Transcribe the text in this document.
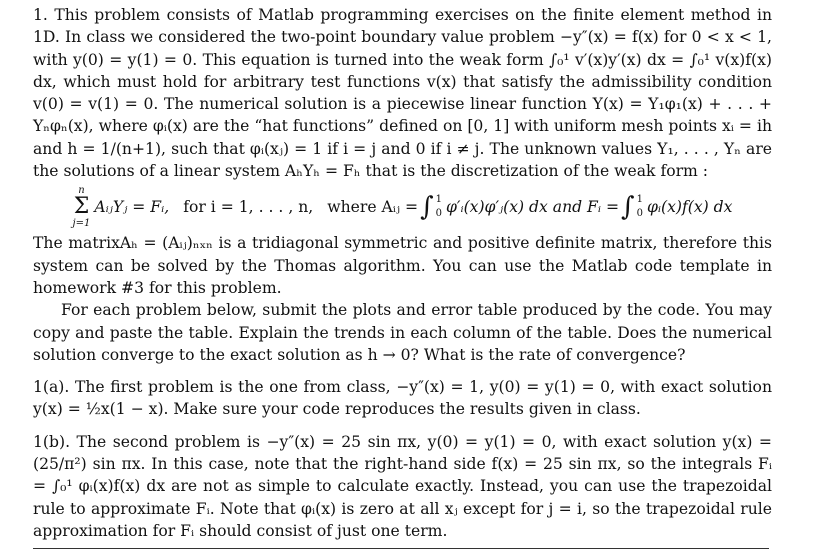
1. This problem consists of Matlab programming exercises on the finite element method in 1D. In class we considered the two-point boundary value problem −y″(x) = f(x) for 0 < x < 1, with y(0) = y(1) = 0. This equation is turned into the weak form ∫₀¹ v′(x)y′(x) dx = ∫₀¹ v(x)f(x) dx, which must hold for arbitrary test functions v(x) that satisfy the admissibility condition v(0) = v(1) = 0. The numerical solution is a piecewise linear function Y(x) = Y₁φ₁(x) + . . . + Yₙφₙ(x), where φᵢ(x) are the “hat functions” defined on [0, 1] with uniform mesh points xᵢ = ih and h = 1/(n+1), such that φᵢ(xⱼ) = 1 if i = j and 0 if i ≠ j. The unknown values Y₁, . . . , Yₙ are the solutions of a linear system AₕYₕ = Fₕ that is the discretization of the weak form :

n
Σ
j=1
AᵢⱼYⱼ = Fᵢ, for i = 1, . . . , n, where Aᵢⱼ = ∫ 1
0 φ′ᵢ(x)φ′ⱼ(x) dx and Fᵢ = ∫ 1
0 φᵢ(x)f(x) dx

The matrixAₕ = (Aᵢⱼ)ₙₓₙ is a tridiagonal symmetric and positive definite matrix, therefore this system can be solved by the Thomas algorithm. You can use the Matlab code template in homework #3 for this problem.

For each problem below, submit the plots and error table produced by the code. You may copy and paste the table. Explain the trends in each column of the table. Does the numerical solution converge to the exact solution as h → 0? What is the rate of convergence?

1(a). The first problem is the one from class, −y″(x) = 1, y(0) = y(1) = 0, with exact solution y(x) = ½x(1 − x). Make sure your code reproduces the results given in class.

1(b). The second problem is −y″(x) = 25 sin πx, y(0) = y(1) = 0, with exact solution y(x) = (25/π²) sin πx. In this case, note that the right-hand side f(x) = 25 sin πx, so the integrals Fᵢ = ∫₀¹ φᵢ(x)f(x) dx are not as simple to calculate exactly. Instead, you can use the trapezoidal rule to approximate Fᵢ. Note that φᵢ(x) is zero at all xⱼ except for j = i, so the trapezoidal rule approximation for Fᵢ should consist of just one term.
